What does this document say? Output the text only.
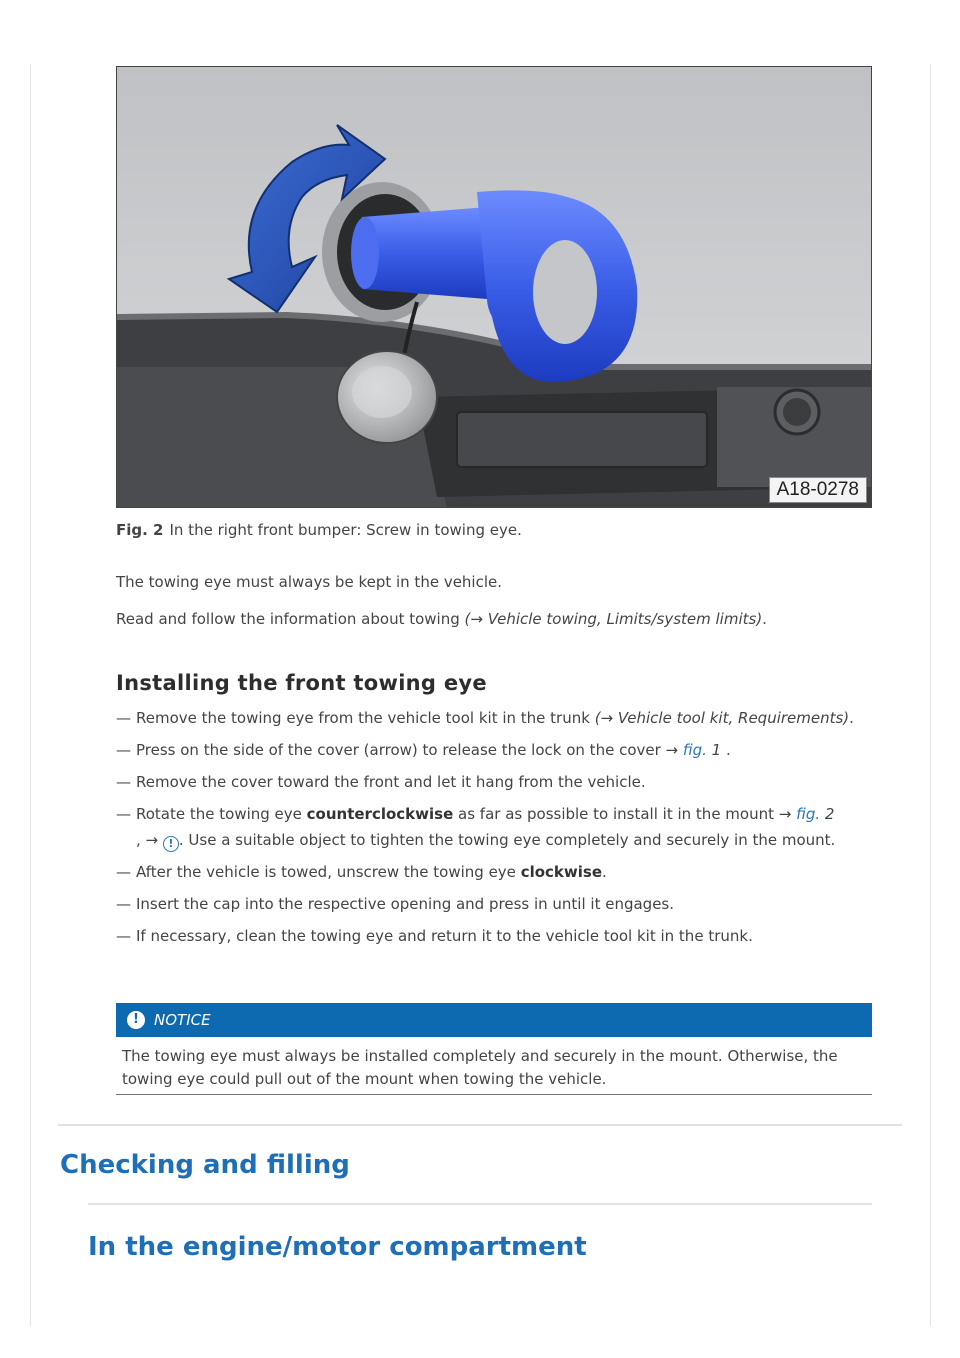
A18-0278
Fig. 2 In the right front bumper: Screw in towing eye.
The towing eye must always be kept in the vehicle.
Read and follow the information about towing (→ Vehicle towing, Limits/system limits).
Installing the front towing eye
— Remove the towing eye from the vehicle tool kit in the trunk (→ Vehicle tool kit, Requirements).
— Press on the side of the cover (arrow) to release the lock on the cover → fig. 1 .
— Remove the cover toward the front and let it hang from the vehicle.
— Rotate the towing eye counterclockwise as far as possible to install it in the mount → fig. 2
, → ! . Use a suitable object to tighten the towing eye completely and securely in the mount.
— After the vehicle is towed, unscrew the towing eye clockwise.
— Insert the cap into the respective opening and press in until it engages.
— If necessary, clean the towing eye and return it to the vehicle tool kit in the trunk.
!	NOTICE
The towing eye must always be installed completely and securely in the mount. Otherwise, the towing eye could pull out of the mount when towing the vehicle.
Checking and filling
In the engine/motor compartment
